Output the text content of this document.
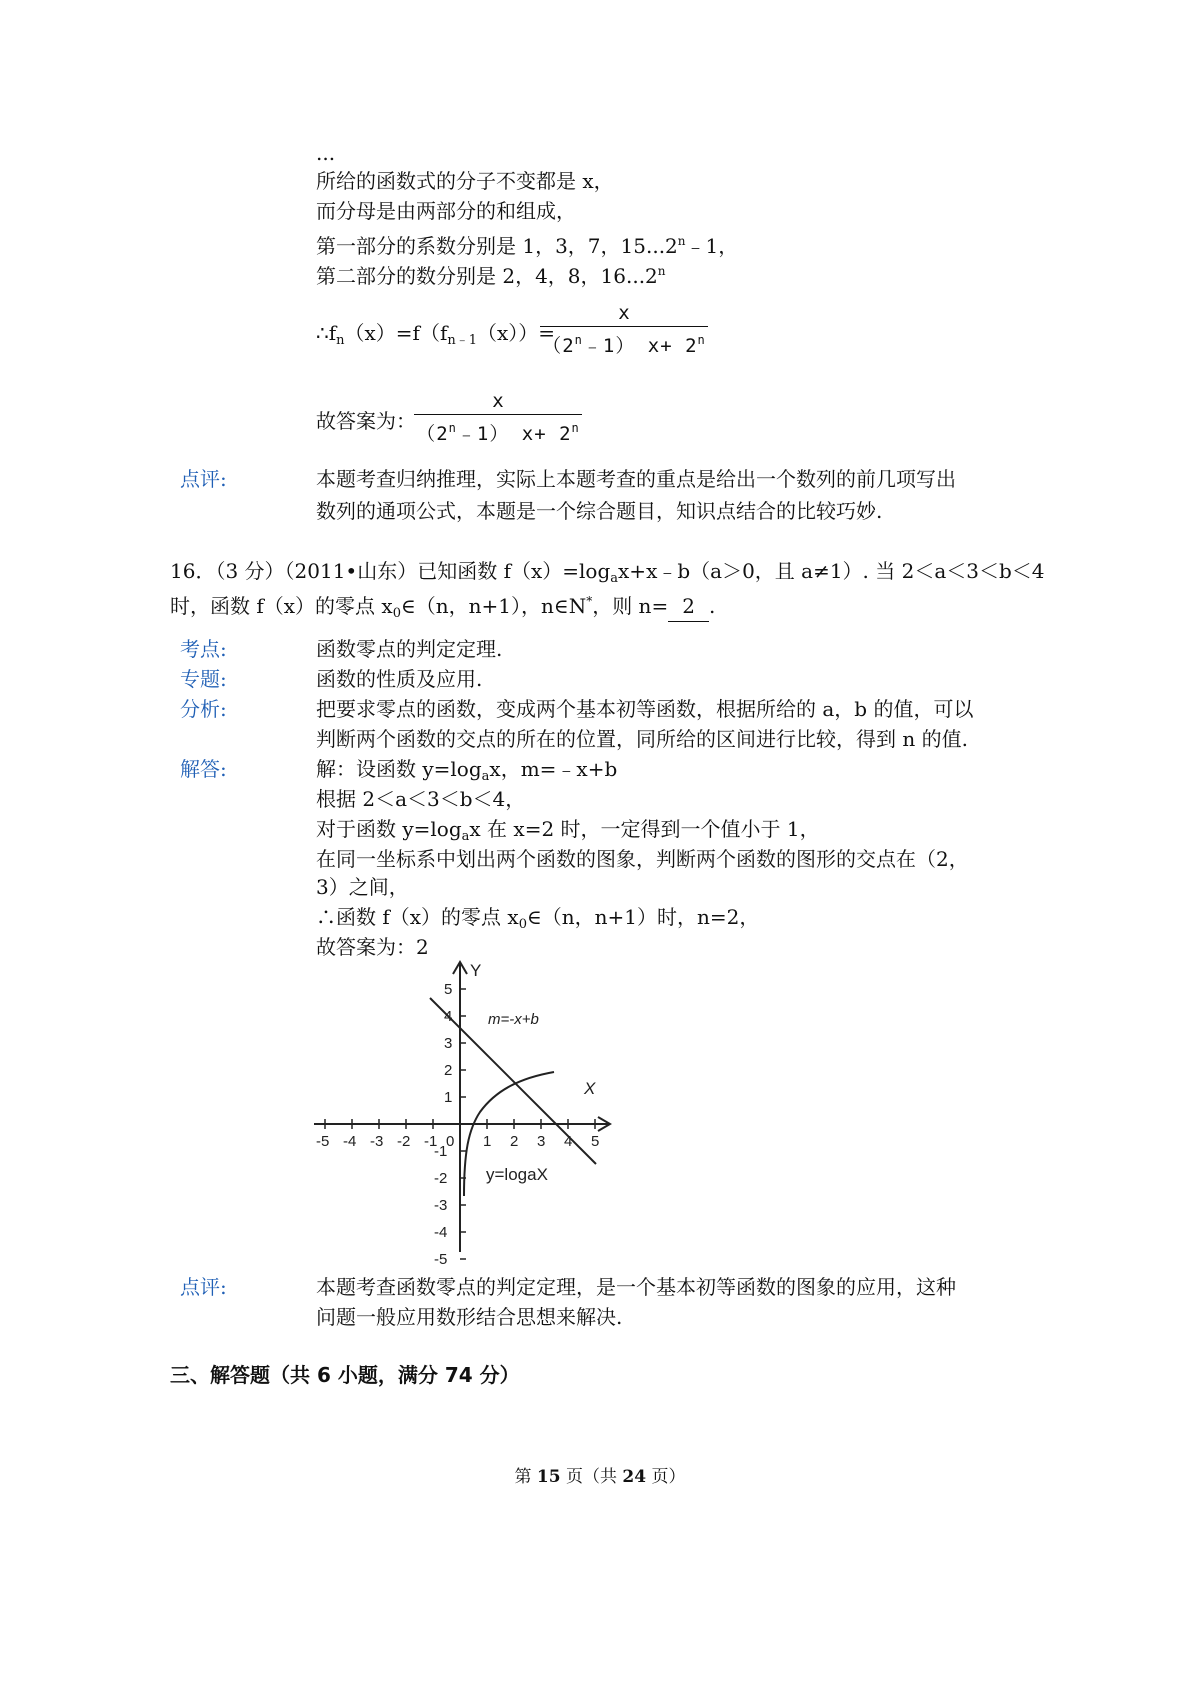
...
所给的函数式的分子不变都是 x，
而分母是由两部分的和组成，
第一部分的系数分别是 1，3，7，15...2$^n$﹣1，
第二部分的数分别是 2，4，8，16...2$^n$
$\therefore f_n(x)=f(f_{n﹣1}(x))=$
x
（2$^n$﹣1） $x+ 2^n$
故答案为：
x
（2$^n$﹣1） $x+ 2^n$
点评:	本题考查归纳推理，实际上本题考查的重点是给出一个数列的前几项写出
数列的通项公式，本题是一个综合题目，知识点结合的比较巧妙.
16．（3 分）（2011•山东）已知函数 $f(x)=\log_ax+x﹣b(a>0$，且 a≠1）. 当 2＜a＜3＜b＜4
时，函数 f（x）的零点 $x_0\in(n$，n+1），n∈N*，则 n= 2 .
考点:	函数零点的判定定理.
专题:	函数的性质及应用.
分析:	把要求零点的函数，变成两个基本初等函数，根据所给的 a，b 的值，可以
判断两个函数的交点的所在的位置，同所给的区间进行比较，得到 n 的值.
解答:	解：设函数 $y=\log_ax$，m=﹣x+b
根据 2＜a＜3＜b＜4，
对于函数 $y=\log_ax$ 在 x=2 时，一定得到一个值小于 1，
在同一坐标系中划出两个函数的图象，判断两个函数的图形的交点在（2，
3）之间，
∴函数 f（x）的零点 $x_0\in(n$，n+1）时，n=2，
故答案为：2
-5 -4 -3 -2 -1 0 1 2 3 4 5
5
4
3
2
1
-1
-2
-3
-4
-5
Y
X
m=-x+b
y=logaX
点评:	本题考查函数零点的判定定理，是一个基本初等函数的图象的应用，这种
问题一般应用数形结合思想来解决.
三、解答题（共 6 小题，满分 74 分）
第 15 页（共 24 页）
